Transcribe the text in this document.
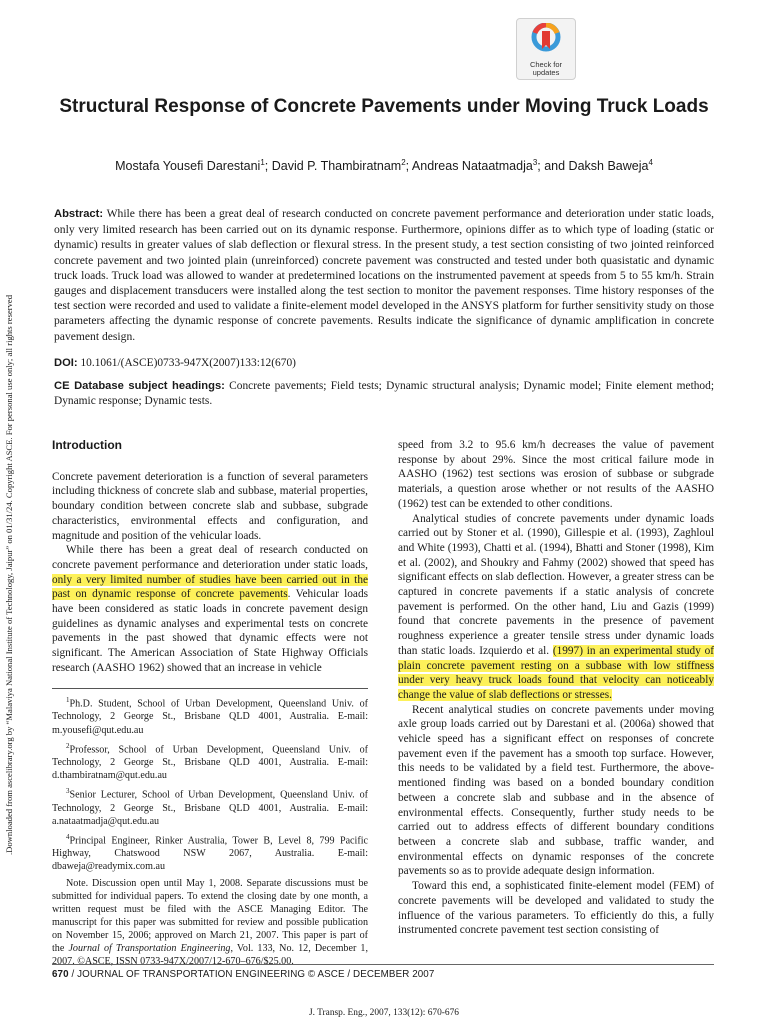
Downloaded from ascelibrary.org by “Malaviya National Institute of Technology, Jaipur” on 01/31/24. Copyright ASCE. For personal use only; all rights reserved.
Check for
updates
Structural Response of Concrete Pavements under Moving Truck Loads
Mostafa Yousefi Darestani$^1$; David P. Thambiratnam$^2$; Andreas Nataatmadja$^3$; and Daksh Baweja$^4$
Abstract: While there has been a great deal of research conducted on concrete pavement performance and deterioration under static loads, only very limited research has been carried out on its dynamic response. Furthermore, opinions differ as to which type of loading (static or dynamic) results in greater values of slab deflection or flexural stress. In the present study, a test section consisting of two jointed reinforced concrete pavement and two jointed plain (unreinforced) concrete pavement was constructed and tested under both quasistatic and dynamic truck loads. Truck load was allowed to wander at predetermined locations on the instrumented pavement at speeds from 5 to 55 km/h. Strain gauges and displacement transducers were installed along the test section to monitor the pavement responses. Time history responses of the test section were recorded and used to validate a finite-element model developed in the ANSYS platform for further sensitivity study on those parameters affecting the dynamic response of concrete pavements. Results indicate the significance of dynamic amplification in concrete pavement design.
DOI: 10.1061/(ASCE)0733-947X(2007)133:12(670)
CE Database subject headings: Concrete pavements; Field tests; Dynamic structural analysis; Dynamic model; Finite element method; Dynamic response; Dynamic tests.
Introduction

Concrete pavement deterioration is a function of several parameters including thickness of concrete slab and subbase, material properties, boundary condition between concrete slab and subbase, subgrade characteristics, environmental effects and configuration, and magnitude and position of the vehicular loads.

While there has been a great deal of research conducted on concrete pavement performance and deterioration under static loads, only a very limited number of studies have been carried out in the past on dynamic response of concrete pavements. Vehicular loads have been considered as static loads in concrete pavement design guidelines as dynamic analyses and experimental tests on concrete pavements in the past showed that dynamic effects were not significant. The American Association of State Highway Officials research (AASHO 1962) showed that an increase in vehicle

$^1$Ph.D. Student, School of Urban Development, Queensland Univ. of Technology, 2 George St., Brisbane QLD 4001, Australia. E-mail: m.yousefi@qut.edu.au

$^2$Professor, School of Urban Development, Queensland Univ. of Technology, 2 George St., Brisbane QLD 4001, Australia. E-mail: d.thambiratnam@qut.edu.au

$^3$Senior Lecturer, School of Urban Development, Queensland Univ. of Technology, 2 George St., Brisbane QLD 4001, Australia. E-mail: a.nataatmadja@qut.edu.au

$^4$Principal Engineer, Rinker Australia, Tower B, Level 8, 799 Pacific Highway, Chatswood NSW 2067, Australia. E-mail: dbaweja@readymix.com.au

Note. Discussion open until May 1, 2008. Separate discussions must be submitted for individual papers. To extend the closing date by one month, a written request must be filed with the ASCE Managing Editor. The manuscript for this paper was submitted for review and possible publication on November 15, 2006; approved on March 21, 2007. This paper is part of the Journal of Transportation Engineering, Vol. 133, No. 12, December 1, 2007. ©ASCE, ISSN 0733-947X/2007/12-670–676/$25.00.

speed from 3.2 to 95.6 km/h decreases the value of pavement response by about 29%. Since the most critical failure mode in AASHO (1962) test sections was erosion of subbase or subgrade materials, a question arose whether or not results of the AASHO (1962) test can be extended to other conditions.

Analytical studies of concrete pavements under dynamic loads carried out by Stoner et al. (1990), Gillespie et al. (1993), Zaghloul and White (1993), Chatti et al. (1994), Bhatti and Stoner (1998), Kim et al. (2002), and Shoukry and Fahmy (2002) showed that speed has significant effects on slab deflection. However, a greater stress can be captured in concrete pavements if a static analysis of concrete pavement is performed. On the other hand, Liu and Gazis (1999) found that concrete pavements in the presence of pavement roughness experience a greater tensile stress under dynamic loads than static loads. Izquierdo et al. (1997) in an experimental study of plain concrete pavement resting on a subbase with low stiffness under very heavy truck loads found that velocity can noticeably change the value of slab deflections or stresses.

Recent analytical studies on concrete pavements under moving axle group loads carried out by Darestani et al. (2006a) showed that vehicle speed has a significant effect on responses of concrete pavement even if the pavement has a smooth top surface. However, this needs to be validated by a field test. Furthermore, the above-mentioned finding was based on a bonded boundary condition between a concrete slab and subbase and in the absence of environmental effects. Consequently, further study needs to be carried out to address effects of different boundary conditions between a concrete slab and subbase, traffic wander, and environmental effects on dynamic responses of the concrete pavements so as to provide adequate design information.

Toward this end, a sophisticated finite-element model (FEM) of concrete pavements will be developed and validated to study the influence of the various parameters. To efficiently do this, a fully instrumented concrete pavement test section consisting of

670 / JOURNAL OF TRANSPORTATION ENGINEERING © ASCE / DECEMBER 2007
J. Transp. Eng., 2007, 133(12): 670-676
